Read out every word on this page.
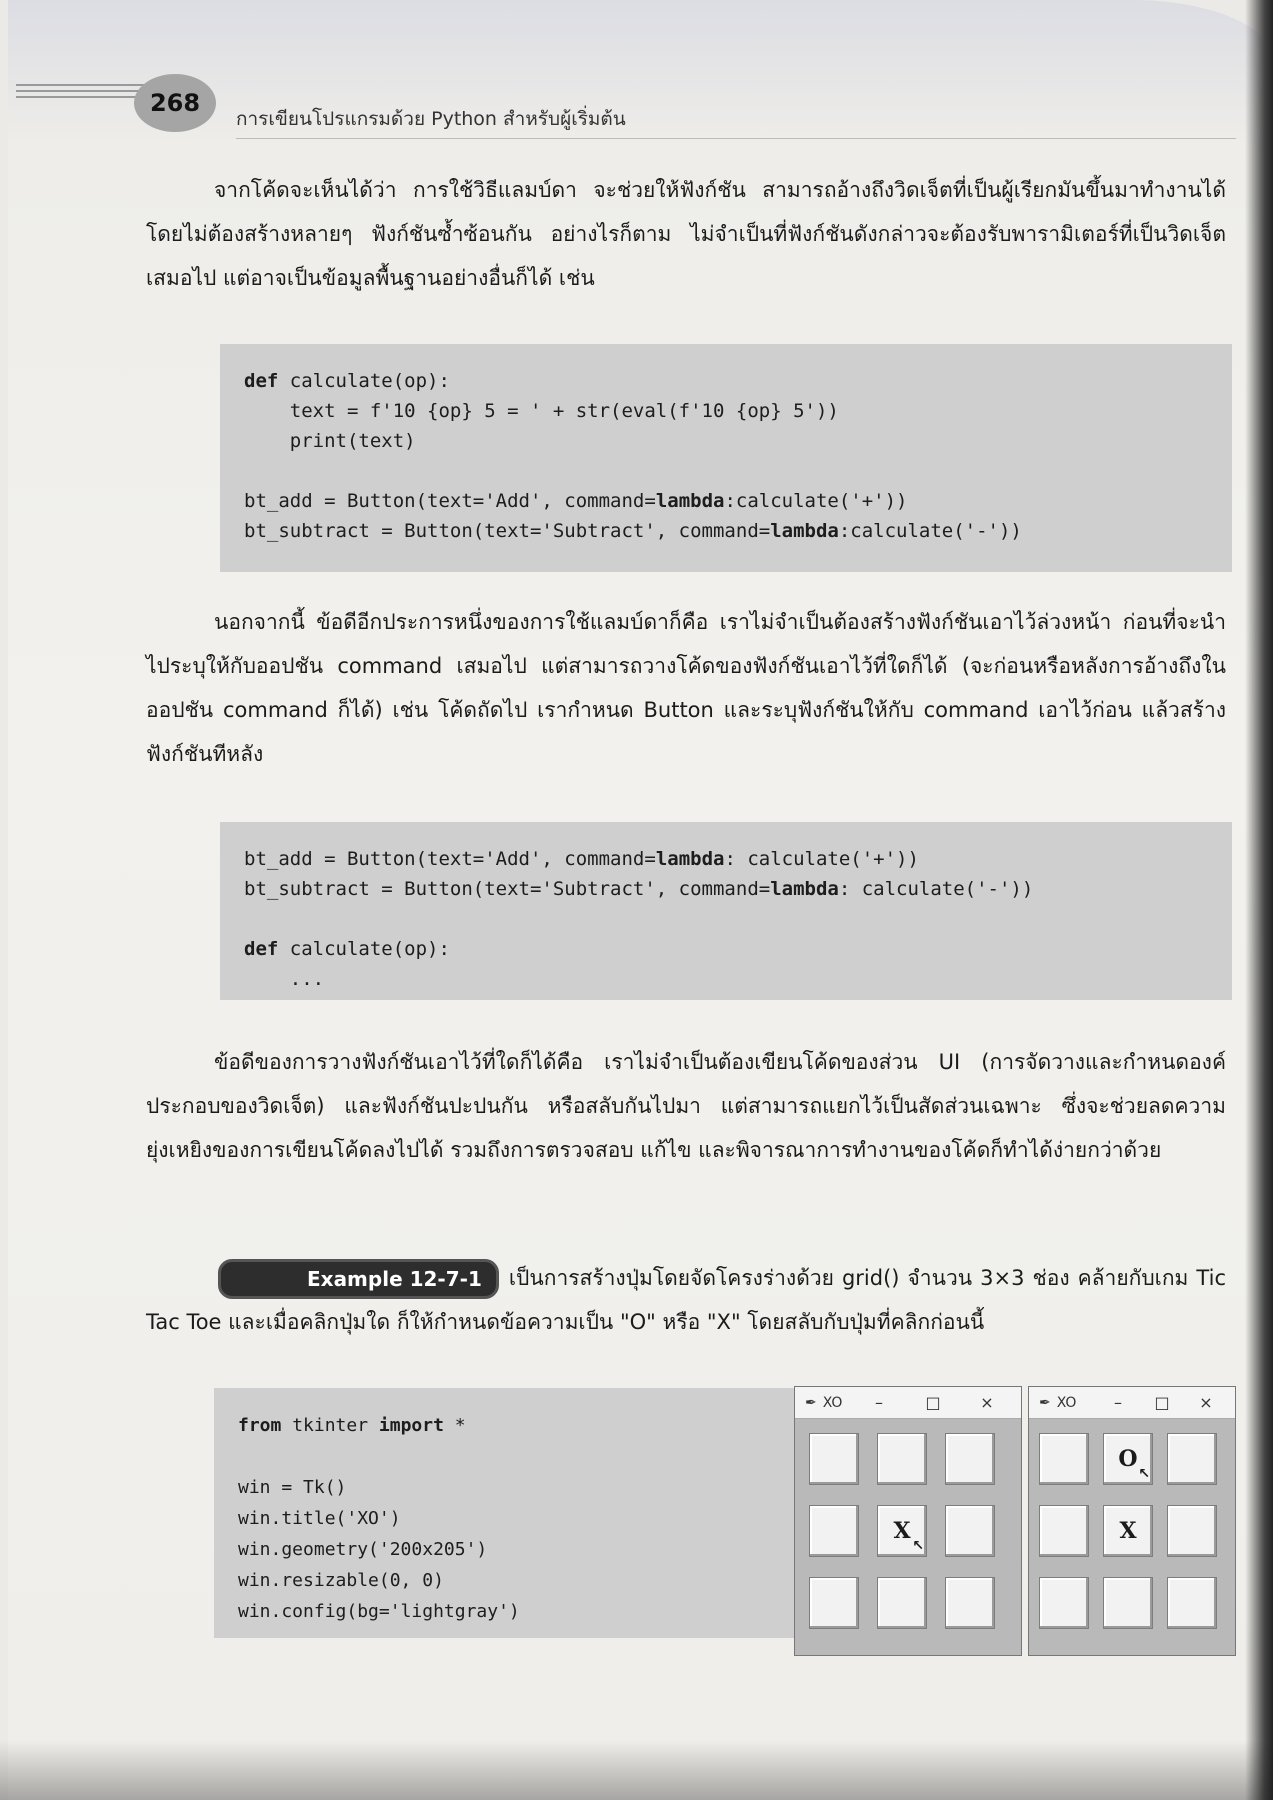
268
การเขียนโปรแกรมด้วย Python สำหรับผู้เริ่มต้น

จากโค้ดจะเห็นได้ว่า การใช้วิธีแลมบ์ดา จะช่วยให้ฟังก์ชัน สามารถอ้างถึงวิดเจ็ตที่เป็นผู้เรียกมันขึ้นมาทำงานได้ โดยไม่ต้องสร้างหลายๆ ฟังก์ชันซ้ำซ้อนกัน อย่างไรก็ตาม ไม่จำเป็นที่ฟังก์ชันดังกล่าวจะต้องรับพารามิเตอร์ที่เป็นวิดเจ็ตเสมอไป แต่อาจเป็นข้อมูลพื้นฐานอย่างอื่นก็ได้ เช่น

def calculate(op):
text = f'10 {op} 5 = ' + str(eval(f'10 {op} 5'))
print(text)

bt_add = Button(text='Add', command=lambda:calculate('+'))
bt_subtract = Button(text='Subtract', command=lambda:calculate('-'))

นอกจากนี้ ข้อดีอีกประการหนึ่งของการใช้แลมบ์ดาก็คือ เราไม่จำเป็นต้องสร้างฟังก์ชันเอาไว้ล่วงหน้า ก่อนที่จะนำไประบุให้กับออปชัน command เสมอไป แต่สามารถวางโค้ดของฟังก์ชันเอาไว้ที่ใดก็ได้ (จะก่อนหรือหลังการอ้างถึงในออปชัน command ก็ได้) เช่น โค้ดถัดไป เรากำหนด Button และระบุฟังก์ชันให้กับ command เอาไว้ก่อน แล้วสร้างฟังก์ชันทีหลัง

bt_add = Button(text='Add', command=lambda: calculate('+'))
bt_subtract = Button(text='Subtract', command=lambda: calculate('-'))

def calculate(op):
...

ข้อดีของการวางฟังก์ชันเอาไว้ที่ใดก็ได้คือ เราไม่จำเป็นต้องเขียนโค้ดของส่วน UI (การจัดวางและกำหนดองค์ประกอบของวิดเจ็ต) และฟังก์ชันปะปนกัน หรือสลับกันไปมา แต่สามารถแยกไว้เป็นสัดส่วนเฉพาะ ซึ่งจะช่วยลดความยุ่งเหยิงของการเขียนโค้ดลงไปได้ รวมถึงการตรวจสอบ แก้ไข และพิจารณาการทำงานของโค้ดก็ทำได้ง่ายกว่าด้วย

Example 12-7-1 เป็นการสร้างปุ่มโดยจัดโครงร่างด้วย grid() จำนวน 3×3 ช่อง คล้ายกับเกม Tic Tac Toe และเมื่อคลิกปุ่มใด ก็ให้กำหนดข้อความเป็น "O" หรือ "X" โดยสลับกับปุ่มที่คลิกก่อนนี้

from tkinter import *

win = Tk()
win.title('XO')
win.geometry('200x205')
win.resizable(0, 0)
win.config(bg='lightgray')
✒ XO	–	□	×
X
↖
✒ XO	–	□	×
O
↖
X
